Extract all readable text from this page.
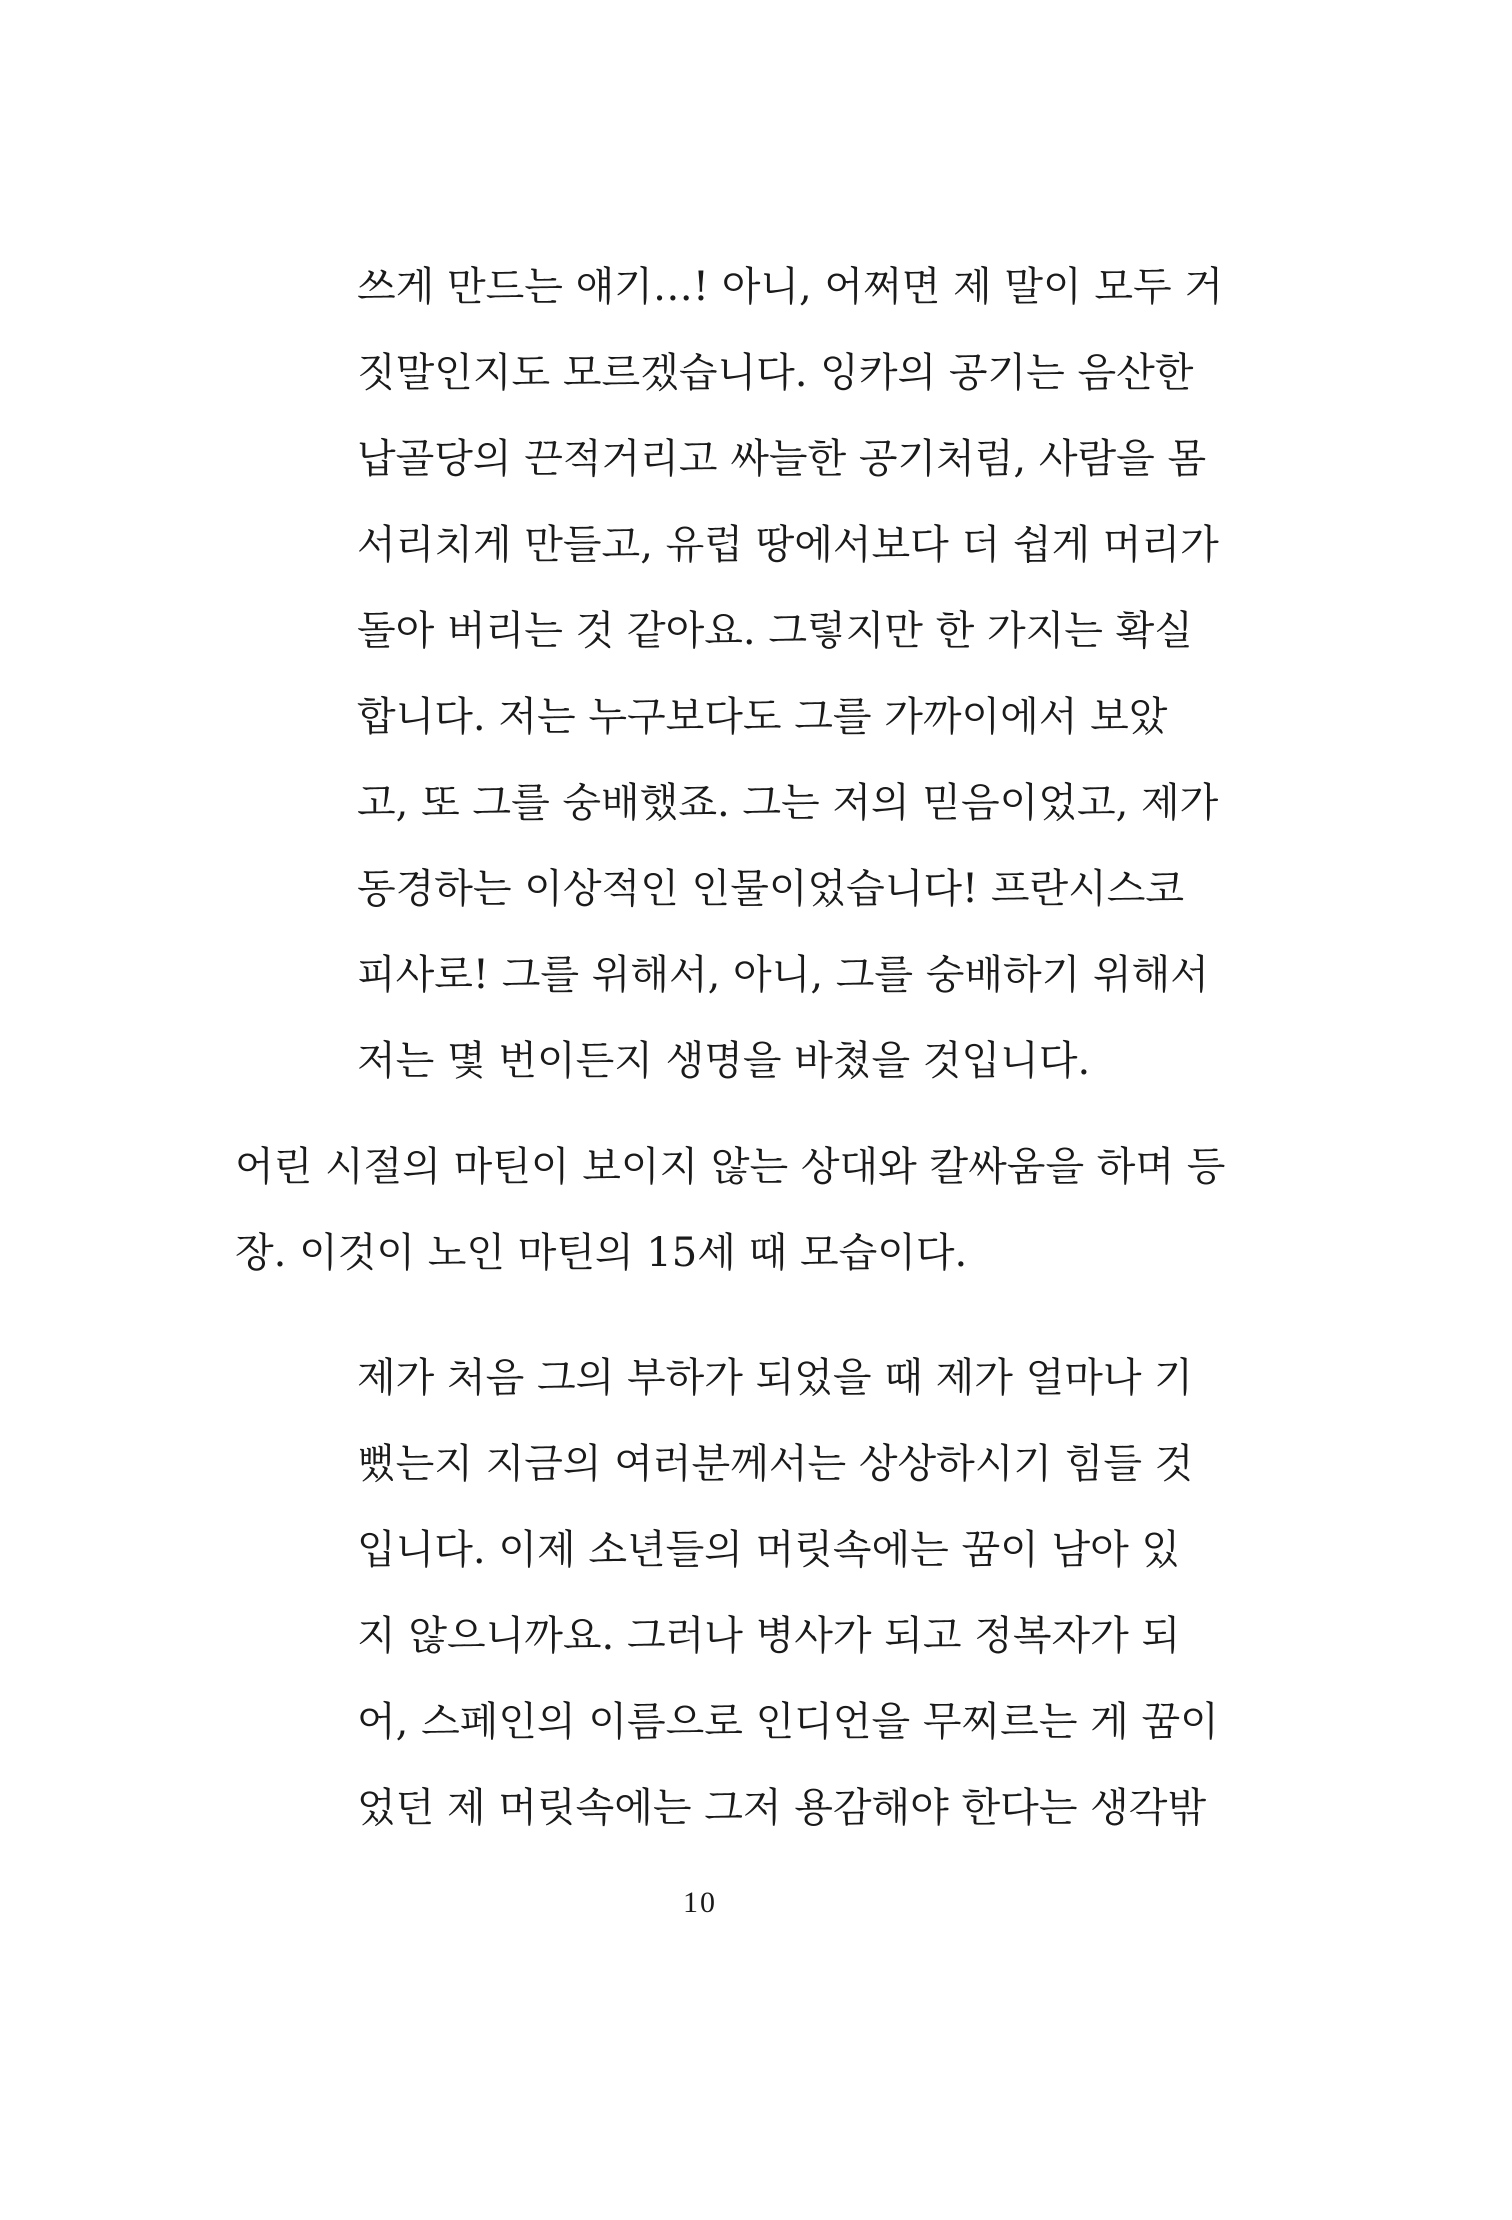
쓰게 만드는 얘기…! 아니, 어쩌면 제 말이 모두 거
짓말인지도 모르겠습니다. 잉카의 공기는 음산한
납골당의 끈적거리고 싸늘한 공기처럼, 사람을 몸
서리치게 만들고, 유럽 땅에서보다 더 쉽게 머리가
돌아 버리는 것 같아요. 그렇지만 한 가지는 확실
합니다. 저는 누구보다도 그를 가까이에서 보았
고, 또 그를 숭배했죠. 그는 저의 믿음이었고, 제가
동경하는 이상적인 인물이었습니다! 프란시스코
피사로! 그를 위해서, 아니, 그를 숭배하기 위해서
저는 몇 번이든지 생명을 바쳤을 것입니다.
어린 시절의 마틴이 보이지 않는 상대와 칼싸움을 하며 등
장. 이것이 노인 마틴의 15세 때 모습이다.
제가 처음 그의 부하가 되었을 때 제가 얼마나 기
뻤는지 지금의 여러분께서는 상상하시기 힘들 것
입니다. 이제 소년들의 머릿속에는 꿈이 남아 있
지 않으니까요. 그러나 병사가 되고 정복자가 되
어, 스페인의 이름으로 인디언을 무찌르는 게 꿈이
었던 제 머릿속에는 그저 용감해야 한다는 생각밖
10
